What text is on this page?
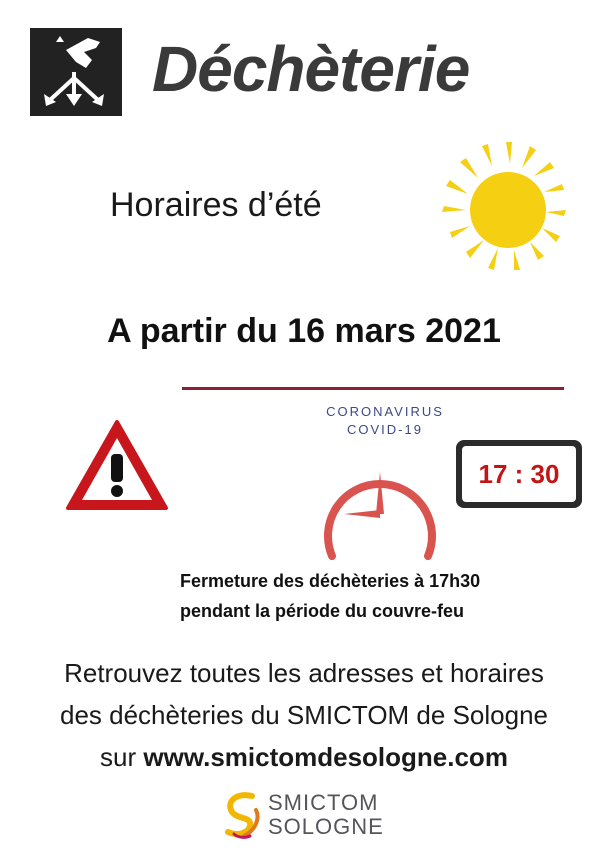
Déchèterie
Horaires d’été
A partir du 16 mars 2021
CORONAVIRUS
COVID-19
17 : 30
Fermeture des déchèteries à 17h30
pendant la période du couvre-feu
Retrouvez toutes les adresses et horaires
des déchèteries du SMICTOM de Sologne
sur www.smictomdesologne.com
SMICTOM
SOLOGNE
